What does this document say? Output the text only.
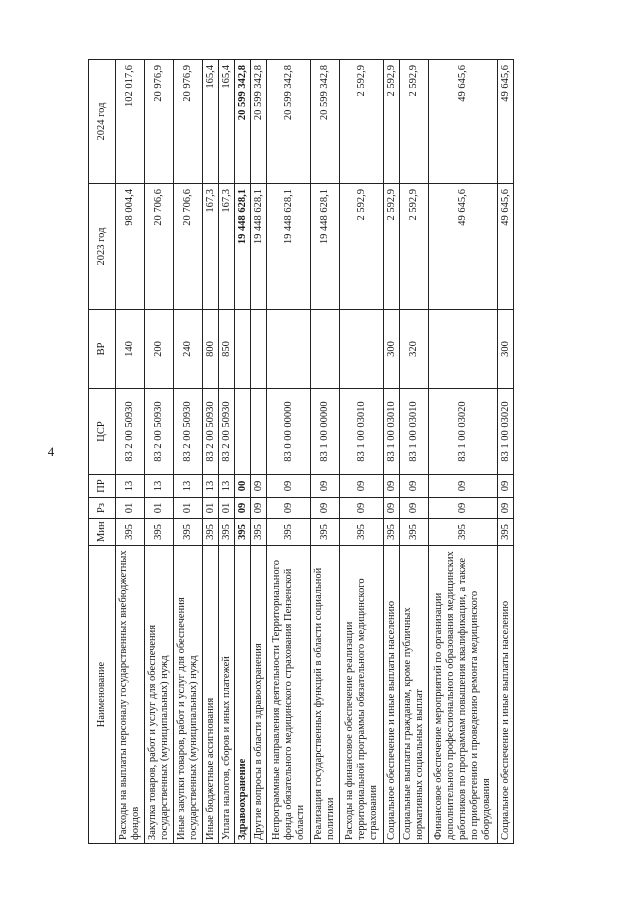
4
Наименование	Мин	Рз	ПР	ЦСР	ВР	2023 год	2024 год
Расходы на выплаты персоналу государственных внебюджетных фондов	395	01	13	83 2 00 50930	140	98 004,4	102 017,6
Закупка товаров, работ и услуг для обеспечения государственных (муниципальных) нужд	395	01	13	83 2 00 50930	200	20 706,6	20 976,9
Иные закупки товаров, работ и услуг для обеспечения государственных (муниципальных) нужд	395	01	13	83 2 00 50930	240	20 706,6	20 976,9
Иные бюджетные ассигнования	395	01	13	83 2 00 50930	800	167,3	165,4
Уплата налогов, сборов и иных платежей	395	01	13	83 2 00 50930	850	167,3	165,4
Здравоохранение	395	09	00			19 448 628,1	20 599 342,8
Другие вопросы в области здравоохранения	395	09	09			19 448 628,1	20 599 342,8
Непрограммные направления деятельности Территориального фонда обязательного медицинского страхования Пензенской области	395	09	09	83 0 00 00000		19 448 628,1	20 599 342,8
Реализация государственных функций в области социальной политики	395	09	09	83 1 00 00000		19 448 628,1	20 599 342,8
Расходы на финансовое обеспечение реализации территориальной программы обязательного медицинского страхования	395	09	09	83 1 00 03010		2 592,9	2 592,9
Социальное обеспечение и иные выплаты населению	395	09	09	83 1 00 03010	300	2 592,9	2 592,9
Социальные выплаты гражданам, кроме публичных нормативных социальных выплат	395	09	09	83 1 00 03010	320	2 592,9	2 592,9
Финансовое обеспечение мероприятий по организации дополнительного профессионального образования медицинских работников по программам повышения квалификации, а также по приобретению и проведению ремонта медицинского оборудования	395	09	09	83 1 00 03020		49 645,6	49 645,6
Социальное обеспечение и иные выплаты населению	395	09	09	83 1 00 03020	300	49 645,6	49 645,6
